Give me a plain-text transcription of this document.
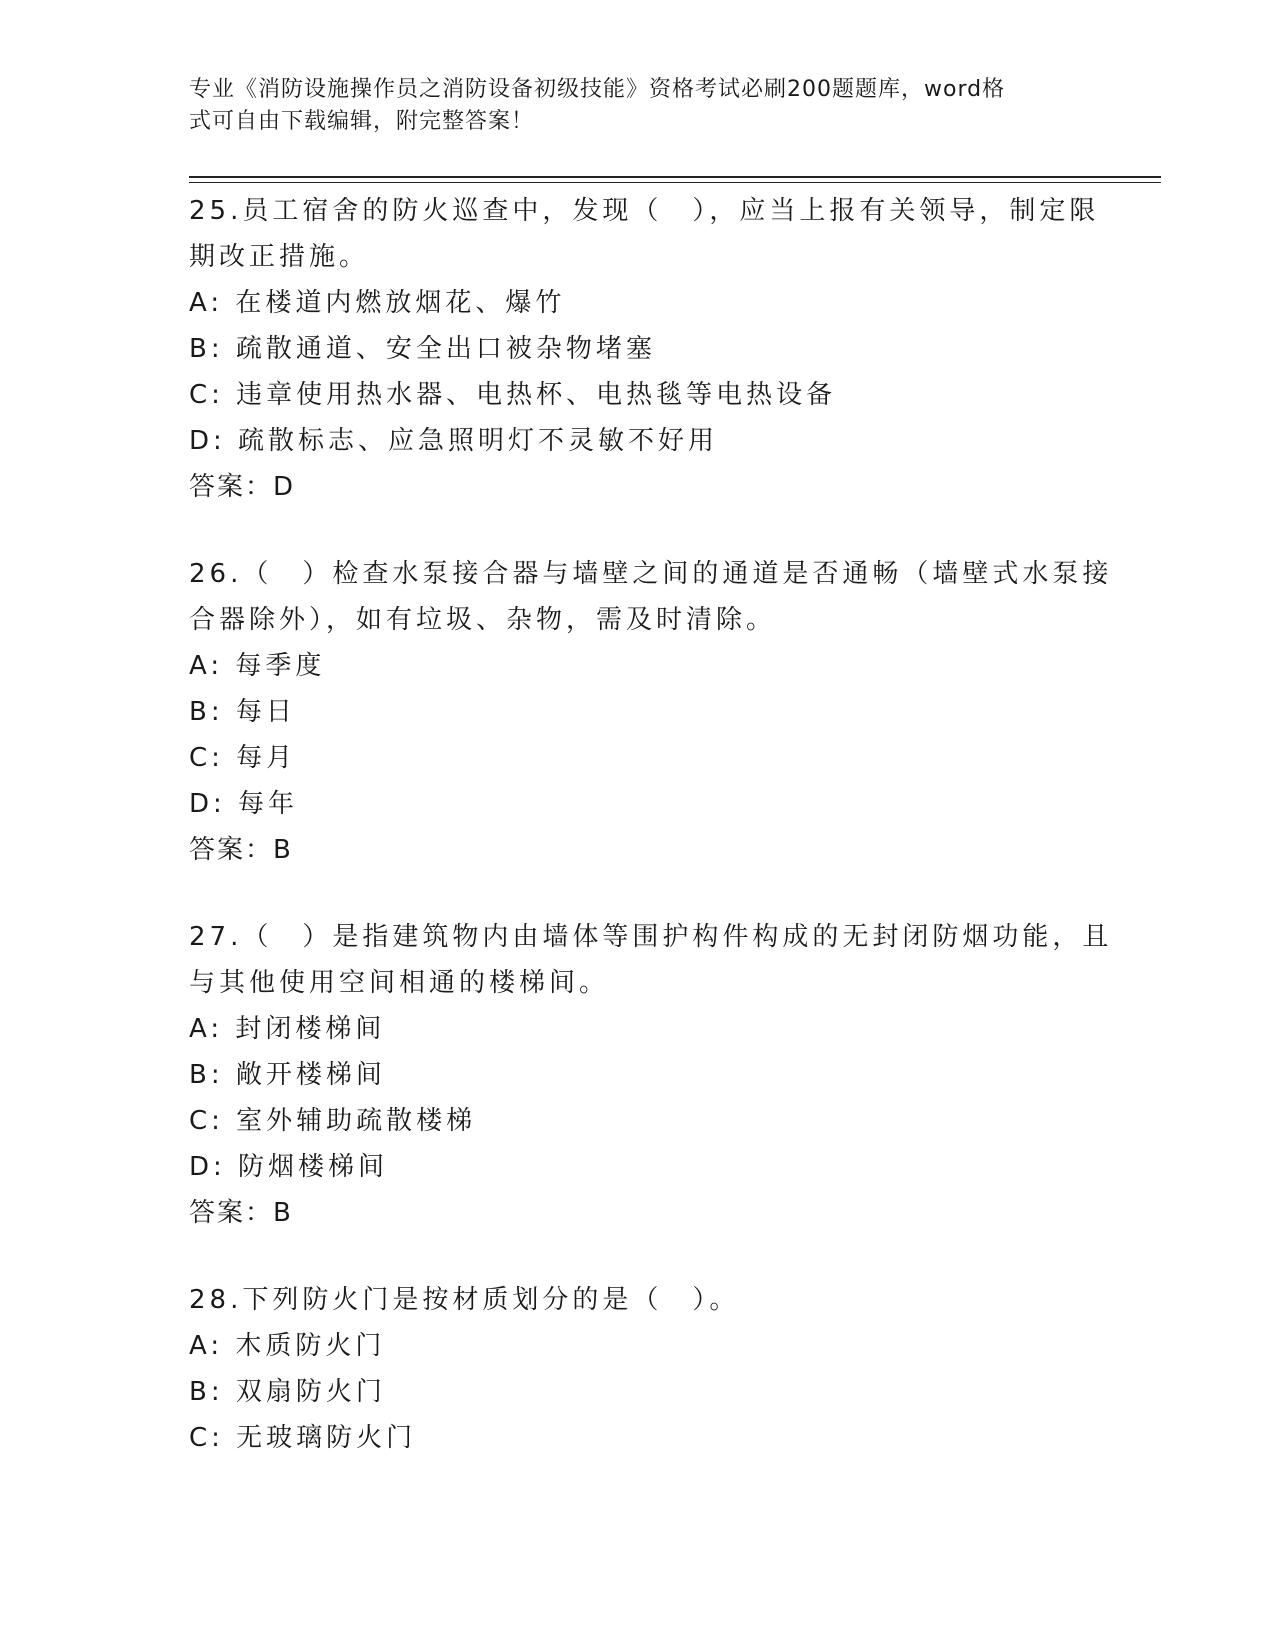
专业《消防设施操作员之消防设备初级技能》资格考试必刷200题题库，word格
式可自由下载编辑，附完整答案！
25.员工宿舍的防火巡查中，发现（　），应当上报有关领导，制定限
期改正措施。
A: 在楼道内燃放烟花、爆竹
B: 疏散通道、安全出口被杂物堵塞
C: 违章使用热水器、电热杯、电热毯等电热设备
D: 疏散标志、应急照明灯不灵敏不好用
答案：D
26.（　）检查水泵接合器与墙壁之间的通道是否通畅（墙壁式水泵接
合器除外），如有垃圾、杂物，需及时清除。
A: 每季度
B: 每日
C: 每月
D: 每年
答案：B
27.（　）是指建筑物内由墙体等围护构件构成的无封闭防烟功能，且
与其他使用空间相通的楼梯间。
A: 封闭楼梯间
B: 敞开楼梯间
C: 室外辅助疏散楼梯
D: 防烟楼梯间
答案：B
28.下列防火门是按材质划分的是（　）。
A: 木质防火门
B: 双扇防火门
C: 无玻璃防火门
